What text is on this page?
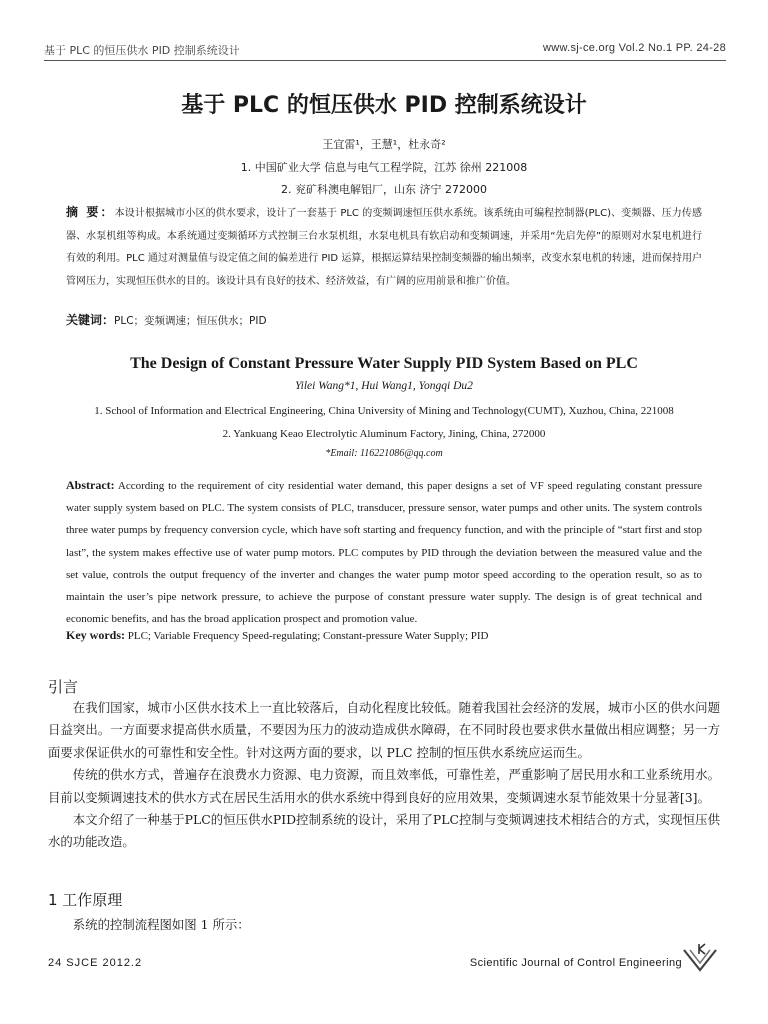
基于 PLC 的恒压供水 PID 控制系统设计	www.sj-ce.org Vol.2 No.1 PP. 24-28
基于 PLC 的恒压供水 PID 控制系统设计
王宜雷¹，王慧¹，杜永奇²
1. 中国矿业大学 信息与电气工程学院，江苏 徐州 221008
2. 兖矿科澳电解铝厂，山东 济宁 272000
摘 要：本设计根据城市小区的供水要求，设计了一套基于 PLC 的变频调速恒压供水系统。该系统由可编程控制器(PLC)、变频器、压力传感器、水泵机组等构成。本系统通过变频循环方式控制三台水泵机组，水泵电机具有软启动和变频调速，并采用“先启先停”的原则对水泵电机进行有效的利用。PLC 通过对测量值与设定值之间的偏差进行 PID 运算，根据运算结果控制变频器的输出频率，改变水泵电机的转速，进而保持用户管网压力，实现恒压供水的目的。该设计具有良好的技术、经济效益，有广阔的应用前景和推广价值。
关键词：PLC；变频调速；恒压供水；PID
The Design of Constant Pressure Water Supply PID System Based on PLC
Yilei Wang*1, Hui Wang1, Yongqi Du2
1. School of Information and Electrical Engineering, China University of Mining and Technology(CUMT), Xuzhou, China, 221008
2. Yankuang Keao Electrolytic Aluminum Factory, Jining, China, 272000
*Email: 116221086@qq.com
Abstract: According to the requirement of city residential water demand, this paper designs a set of VF speed regulating constant pressure water supply system based on PLC. The system consists of PLC, transducer, pressure sensor, water pumps and other units. The system controls three water pumps by frequency conversion cycle, which have soft starting and frequency function, and with the principle of “start first and stop last”, the system makes effective use of water pump motors. PLC computes by PID through the deviation between the measured value and the set value, controls the output frequency of the inverter and changes the water pump motor speed according to the operation result, so as to maintain the user’s pipe network pressure, to achieve the purpose of constant pressure water supply. The design is of great technical and economic benefits, and has the broad application prospect and promotion value.
Key words: PLC; Variable Frequency Speed-regulating; Constant-pressure Water Supply; PID
引言

在我们国家，城市小区供水技术上一直比较落后，自动化程度比较低。随着我国社会经济的发展，城市小区的供水问题日益突出。一方面要求提高供水质量，不要因为压力的波动造成供水障碍，在不同时段也要求供水量做出相应调整；另一方面要求保证供水的可靠性和安全性。针对这两方面的要求，以 PLC 控制的恒压供水系统应运而生。

传统的供水方式，普遍存在浪费水力资源、电力资源，而且效率低，可靠性差，严重影响了居民用水和工业系统用水。目前以变频调速技术的供水方式在居民生活用水的供水系统中得到良好的应用效果，变频调速水泵节能效果十分显著[3]。

本文介绍了一种基于PLC的恒压供水PID控制系统的设计，采用了PLC控制与变频调速技术相结合的方式，实现恒压供水的功能改造。

1 工作原理

系统的控制流程图如图 1 所示：

24 SJCE 2012.2	Scientific Journal of Control Engineering
